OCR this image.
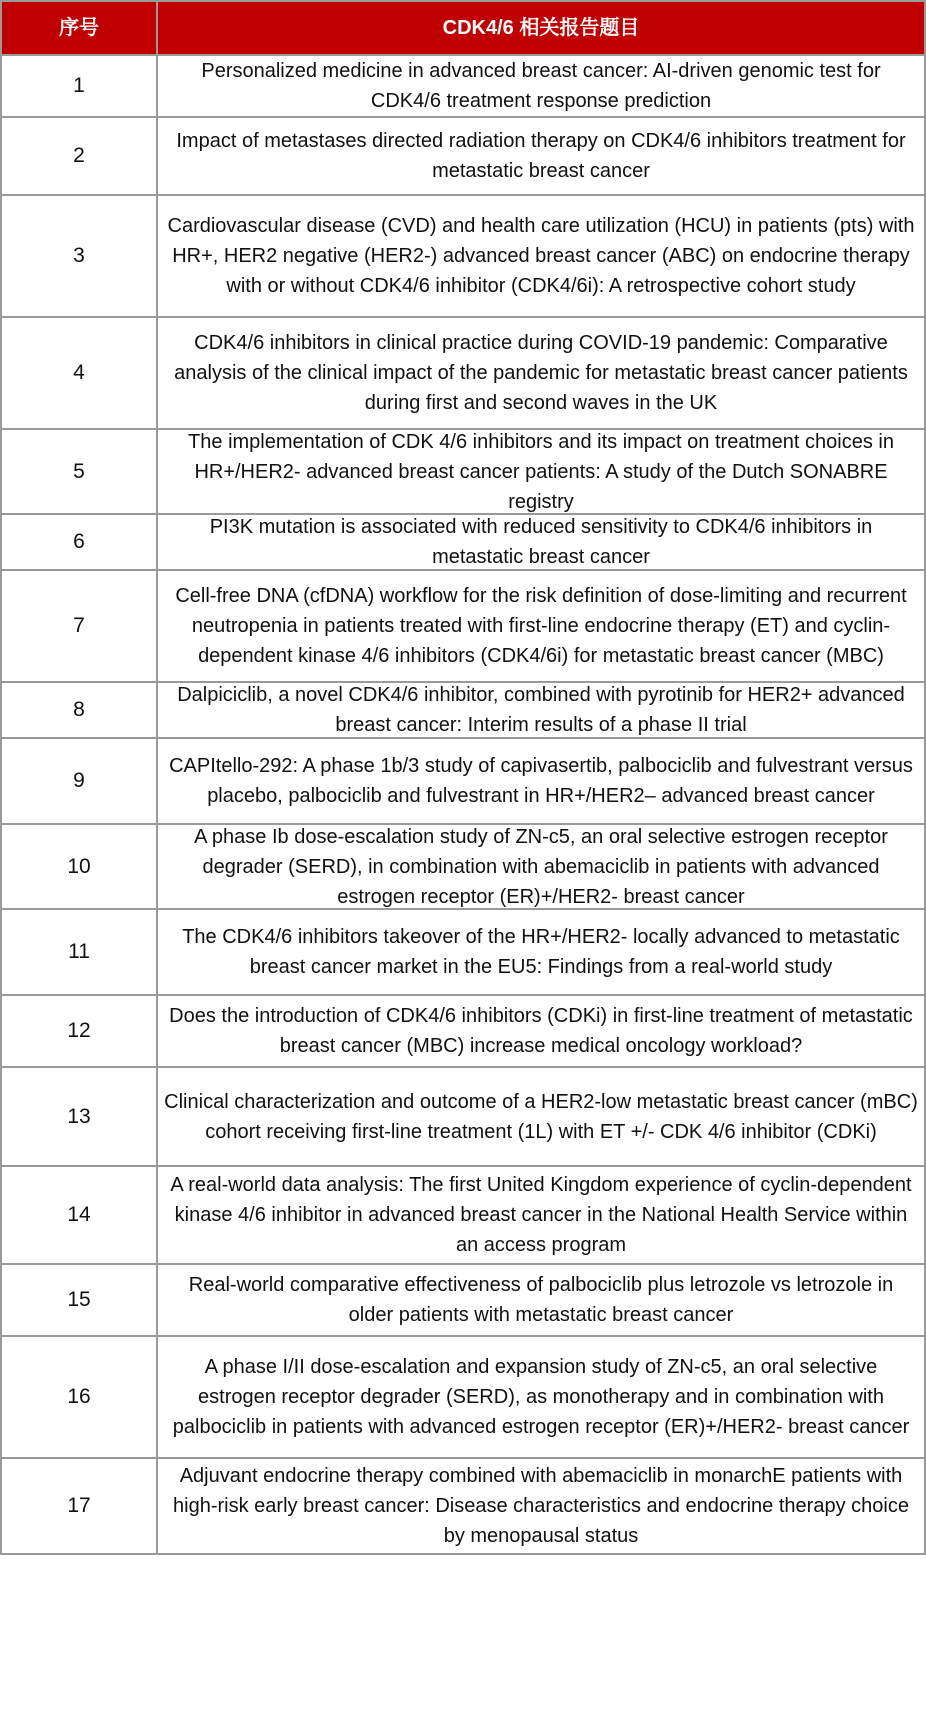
序号	CDK4/6 相关报告题目
1
Personalized medicine in advanced breast cancer: AI-driven genomic test for CDK4/6 treatment response prediction
2
Impact of metastases directed radiation therapy on CDK4/6 inhibitors treatment for metastatic breast cancer
3
Cardiovascular disease (CVD) and health care utilization (HCU) in patients (pts) with HR+, HER2 negative (HER2-) advanced breast cancer (ABC) on endocrine therapy with or without CDK4/6 inhibitor (CDK4/6i): A retrospective cohort study
4
CDK4/6 inhibitors in clinical practice during COVID-19 pandemic: Comparative analysis of the clinical impact of the pandemic for metastatic breast cancer patients during first and second waves in the UK
5
The implementation of CDK 4/6 inhibitors and its impact on treatment choices in HR+/HER2- advanced breast cancer patients: A study of the Dutch SONABRE registry
6
PI3K mutation is associated with reduced sensitivity to CDK4/6 inhibitors in metastatic breast cancer
7
Cell-free DNA (cfDNA) workflow for the risk definition of dose-limiting and recurrent neutropenia in patients treated with first-line endocrine therapy (ET) and cyclin-dependent kinase 4/6 inhibitors (CDK4/6i) for metastatic breast cancer (MBC)
8
Dalpiciclib, a novel CDK4/6 inhibitor, combined with pyrotinib for HER2+ advanced breast cancer: Interim results of a phase II trial
9
CAPItello-292: A phase 1b/3 study of capivasertib, palbociclib and fulvestrant versus placebo, palbociclib and fulvestrant in HR+/HER2– advanced breast cancer
10
A phase Ib dose-escalation study of ZN-c5, an oral selective estrogen receptor degrader (SERD), in combination with abemaciclib in patients with advanced estrogen receptor (ER)+/HER2- breast cancer
11
The CDK4/6 inhibitors takeover of the HR+/HER2- locally advanced to metastatic breast cancer market in the EU5: Findings from a real-world study
12
Does the introduction of CDK4/6 inhibitors (CDKi) in first-line treatment of metastatic breast cancer (MBC) increase medical oncology workload?
13
Clinical characterization and outcome of a HER2-low metastatic breast cancer (mBC) cohort receiving first-line treatment (1L) with ET +/- CDK 4/6 inhibitor (CDKi)
14
A real-world data analysis: The first United Kingdom experience of cyclin-dependent kinase 4/6 inhibitor in advanced breast cancer in the National Health Service within an access program
15
Real-world comparative effectiveness of palbociclib plus letrozole vs letrozole in older patients with metastatic breast cancer
16
A phase I/II dose-escalation and expansion study of ZN-c5, an oral selective estrogen receptor degrader (SERD), as monotherapy and in combination with palbociclib in patients with advanced estrogen receptor (ER)+/HER2- breast cancer
17
Adjuvant endocrine therapy combined with abemaciclib in monarchE patients with high-risk early breast cancer: Disease characteristics and endocrine therapy choice by menopausal status
